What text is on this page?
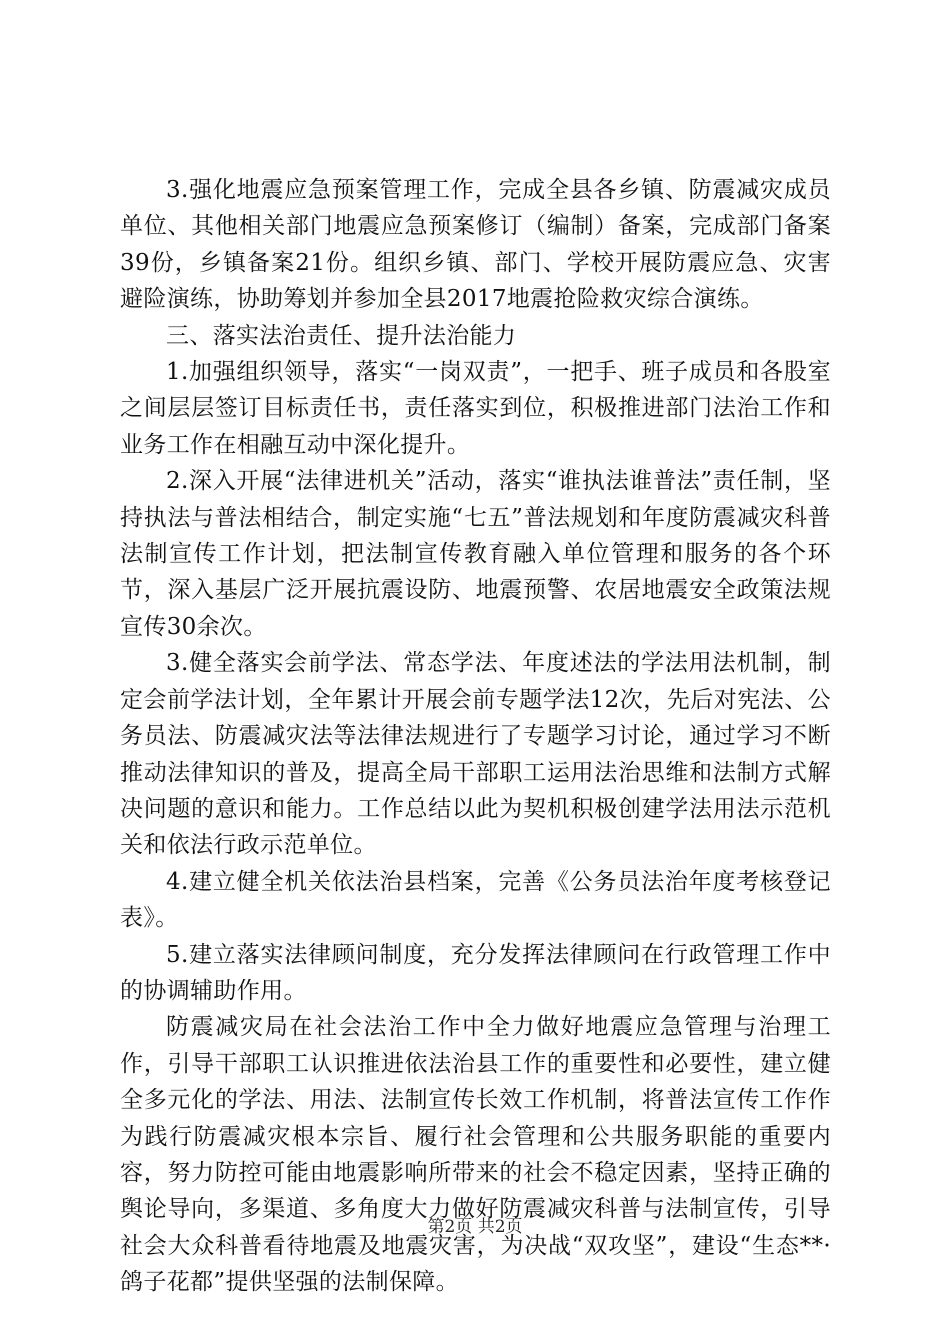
3.强化地震应急预案管理工作，完成全县各乡镇、防震减灾成员单位、其他相关部门地震应急预案修订（编制）备案，完成部门备案39份，乡镇备案21份。组织乡镇、部门、学校开展防震应急、灾害避险演练，协助筹划并参加全县2017地震抢险救灾综合演练。

三、落实法治责任、提升法治能力

1.加强组织领导，落实“一岗双责”，一把手、班子成员和各股室之间层层签订目标责任书，责任落实到位，积极推进部门法治工作和业务工作在相融互动中深化提升。

2.深入开展“法律进机关”活动，落实“谁执法谁普法”责任制，坚持执法与普法相结合，制定实施“七五”普法规划和年度防震减灾科普法制宣传工作计划，把法制宣传教育融入单位管理和服务的各个环节，深入基层广泛开展抗震设防、地震预警、农居地震安全政策法规宣传30余次。

3.健全落实会前学法、常态学法、年度述法的学法用法机制，制定会前学法计划，全年累计开展会前专题学法12次，先后对宪法、公务员法、防震减灾法等法律法规进行了专题学习讨论，通过学习不断推动法律知识的普及，提高全局干部职工运用法治思维和法制方式解决问题的意识和能力。工作总结以此为契机积极创建学法用法示范机关和依法行政示范单位。

4.建立健全机关依法治县档案，完善《公务员法治年度考核登记表》。

5.建立落实法律顾问制度，充分发挥法律顾问在行政管理工作中的协调辅助作用。

防震减灾局在社会法治工作中全力做好地震应急管理与治理工作，引导干部职工认识推进依法治县工作的重要性和必要性，建立健全多元化的学法、用法、法制宣传长效工作机制，将普法宣传工作作为践行防震减灾根本宗旨、履行社会管理和公共服务职能的重要内容，努力防控可能由地震影响所带来的社会不稳定因素，坚持正确的舆论导向，多渠道、多角度大力做好防震减灾科普与法制宣传，引导社会大众科普看待地震及地震灾害，为决战“双攻坚”，建设“生态**·鸽子花都”提供坚强的法制保障。

第2页 共2页
